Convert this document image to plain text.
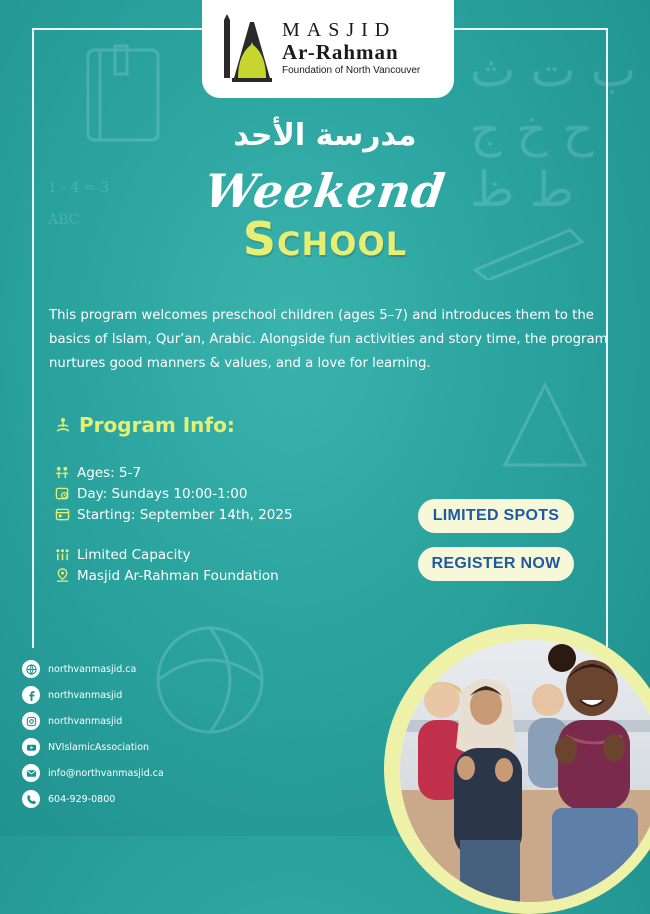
ب ت ث
ح خ ج
ط ظ
1 - 4 = 3

ABC
MASJID
Ar-Rahman
Foundation of North Vancouver
مدرسة الأحد
Weekend
School
This program welcomes preschool children (ages 5–7) and introduces them to the basics of Islam, Qur’an, Arabic. Alongside fun activities and story time, the program nurtures good manners & values, and a love for learning.
Program Info:
Ages: 5-7
Day: Sundays 10:00-1:00
Starting: September 14th, 2025
Limited Capacity
Masjid Ar-Rahman Foundation
LIMITED SPOTS
REGISTER NOW
northvanmasjid.ca
northvanmasjid
northvanmasjid
NVIslamicAssociation
info@northvanmasjid.ca
604-929-0800
